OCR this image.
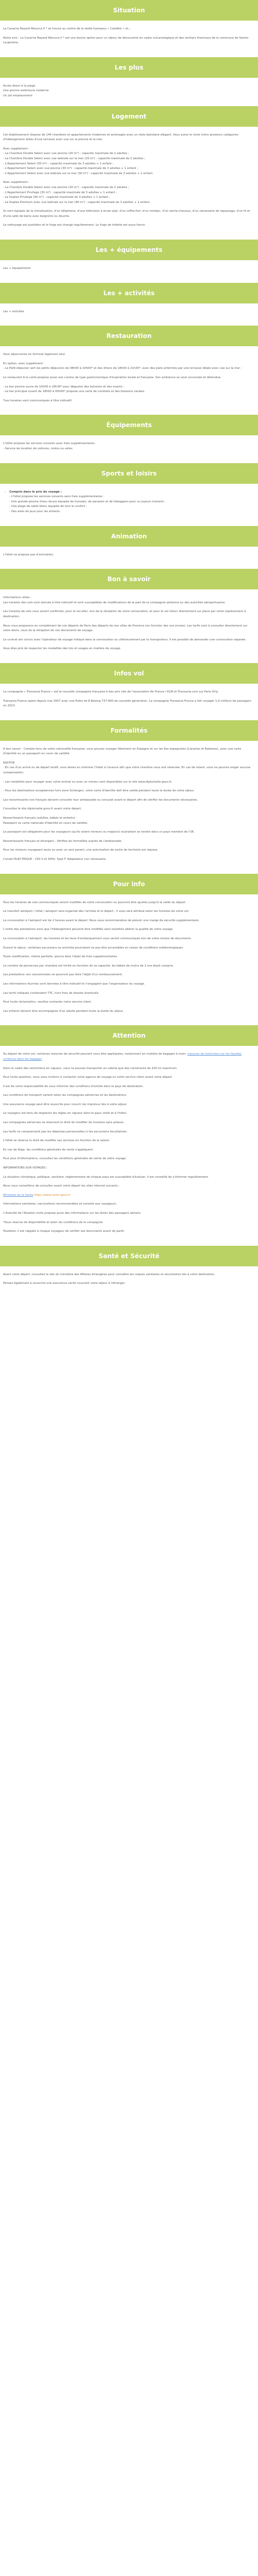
Situation

La Caverne Bayard Résurca II * se trouve au centre de la réelle hameaux « Catalbin » et...

Notre avis : La Caverne Bayard Résurca II * est une bonne option pour un séjour de découverte du cadre vulcanologique et des sentiers thermaux de la commune de Sainte-Loupmène.

Les plus

Accès direct à la plage

Une piscine extérieure moderne

Un joli emplacement

Logement

Cet établissement dispose de 144 chambres et appartements modernes et aménagés avec un style balnéaire élégant. Vous aurez le choix entre plusieurs catégories d'hébergement dotés d'une terrasse avec vue sur la piscine et la mer.

Avec supplément :

- La Chambre Double Select avec vue piscine (20 m²) : capacité maximale de 2 adultes ;

- La Chambre Double Select avec vue latérale sur la mer (20 m²) : capacité maximale de 2 adultes ;

- L'Appartement Select (30 m²) : capacité maximale de 3 adultes + 1 enfant ;

- L'Appartement Select avec vue piscine (30 m²) : capacité maximale de 3 adultes + 1 enfant ;

- L'Appartement Select avec vue latérale sur la mer (30 m²) : capacité maximale de 3 adultes + 1 enfant.

Avec supplément :

- La Chambre Double Select avec vue piscine (20 m²) : capacité maximale de 2 adultes ;

- L'Appartement Privilege (30 m²) : capacité maximale de 3 adultes + 1 enfant ;

- Le Duplex Privilege (40 m²) : capacité maximale de 3 adultes + 1 enfant ;

- Le Duplex Premium avec vue latérale sur la mer (40 m²) : capacité maximale de 3 adultes + 1 enfant.

Ils sont équipés de la climatisation, d'un téléphone, d'une télévision à écran plat, d'un coffre-fort, d'un minibar, d'un sèche-cheveux, d'un nécessaire de repassage, d'un lit et d'une salle de bains avec baignoire ou douche.

Le nettoyage est quotidien et le linge est changé régulièrement. Le linge de toilette est aussi fourni.

Les + équipements

Les + équipements

Les + activités

Les + activités

Restauration

Vous séjournerez en formule logement seul.

En option, avec supplément :

- Le Petit-déjeuner sert les petits déjeuners de 08h00 à 10h00* et des diners de 18h00 à 21h30*, avec des plats enfermés par une terrasse idéale avec vue sur la mer ;

Le restaurant A la carte propose aussi une cuisine de type gastronomique d'inspiration locale et française. Son ambiance se veut conviviale et détendue.

- Le bar piscine ouvre de 10h00 à 18h30* pour déguster des boissons et des snacks ;

- Le bar principal ouvert de 18h00 à 00h00* propose une carte de cocktails et des boissons variées.

*Les horaires sont communiqués à titre indicatif.

Équipements

L'hôtel propose les services suivants avec frais supplémentaires :

- Service de location de voitures, motos ou vélos.

Sports et loisirs
• Compris dans le prix du voyage :

- L'hôtel propose les services suivants sans frais supplémentaires :

- Une grande piscine d'eau douce équipée de transats, de parasols et de toboggans pour un joyeux moment ;

- Une plage de sable blanc équipée de tout le confort ;

- Des aires de jeux pour les enfants.

Animation

L'hôtel ne propose pas d'animation.

Bon à savoir

Informations utiles :

Les horaires des vols sont donnés à titre indicatif et sont susceptibles de modifications de la part de la compagnie aérienne ou des autorités aéroportuaires.

Les horaires de vols vous seront confirmés, pour le vol aller, lors de la réception de votre convocation, et pour le vol retour directement sur place par notre représentant à destination.

Nous vous proposons en complément de nos départs de Paris des départs de nos villes de Province (en fonction des vos envies). Les tarifs sont à consulter directement sur votre devis, ceux de la réception de vos documents de voyage.

Le contrat est conclu avec l'opérateur de voyage indiqué dans la convocation ou ultérieurement par le transporteur. Il est possible de demander une convocation séparée.

Vous êtes prié de respecter les modalités des lois et usages en matière de voyage.

Infos vol

La compagnie « Transavia France » est la nouvelle compagnie française à bas prix née de l'association Air France / KLM et Transavia.com sur Paris Orly.

Transavia France opère depuis mai 2007 avec une flotte de 8 Boeing 737-800 de nouvelle génération. La compagnie Transavia France a fait voyager 1,6 millions de passagers en 2013.

Formalités

A bon savoir - Compte tenu de votre nationalité française, vous pouvez voyager librement en Espagne et sur les îles espagnoles (Canaries et Baléares), avec une carte d'identité ou un passeport en cours de validité.

KASTOR

- En cas d'un arrivé ou de départ tardif, vous devez en informer l'hôtel à l'avance afin que votre chambre vous soit réservée. En cas de retard, vous ne pourrez exiger aucune compensation.

- Les modalités pour voyager avec votre animal ou avec un mineur sont disponibles sur le site www.diplomatie.gouv.fr.

- Pour les destinations européennes hors zone Schengen, votre carte d'identité doit être valide pendant toute la durée de votre séjour.

Les ressortissants non français doivent consulter leur ambassade ou consulat avant le départ afin de vérifier les documents nécessaires.

Consultez le site diplomatie.gouv.fr avant votre départ.

Ressortissants français (adultes, bébés et enfants) :

Passeport ou carte nationale d'identité en cours de validité.

Le passeport est obligatoire pour les voyageurs (qu'ils soient mineurs ou majeurs) souhaitant se rendre dans un pays membre de l'UE.

Ressortissants français et étrangers : Vérifiez les formalités auprès de l'ambassade.

Pour les mineurs voyageant seuls ou avec un seul parent, une autorisation de sortie de territoire est requise.

Conseil ÉLECTRIQUE : 230 V et 50Hz. Type F. Adaptateur non nécessaire.

Pour info

Tous les horaires de vols communiqués seront modifiés de votre convocation ou pourront être ajustés jusqu'à la veille du départ.

Le transfert aéroport / hôtel / aéroport sera organisé dès l'arrivée et le départ ; il vous sera attribué selon les horaires de votre vol.

La convocation à l'aéroport est de 2 heures avant le départ. Nous vous recommandons de prévoir une marge de sécurité supplémentaire.

L'ordre des prestations ainsi que l'hébergement peuvent être modifiés sans toutefois altérer la qualité de votre voyage.

La convocation à l'aéroport, les horaires et les lieux d'embarquement vous seront communiqués lors de votre remise de documents.

Durant le séjour, certaines excursions ou activités pourraient ne pas être accessibles en raison de conditions météorologiques.

Toute modification, même partielle, pourra faire l'objet de frais supplémentaires.

Le nombre de personnes par chambre est limité en fonction de sa capacité, les bébés de moins de 2 ans étant compris.

Les prestations non consommées ne pourront pas faire l'objet d'un remboursement.

Les informations fournies sont données à titre indicatif et n'engagent que l'organisateur du voyage.

Les tarifs indiqués s'entendent TTC, hors frais de dossier éventuels.

Pour toute réclamation, veuillez contacter notre service client.

Les enfants doivent être accompagnés d'un adulte pendant toute la durée du séjour.

Attention

Au départ de votre vol, certaines mesures de sécurité peuvent vous être appliquées, notamment en matière de bagages à main. mesures de restriction sur les liquides contenus dans les bagages

Dans le cadre des restrictions en vigueur, vous ne pouvez transporter en cabine que des contenants de 100 ml maximum.

Pour toute question, nous vous invitons à contacter votre agence de voyage ou notre service client avant votre départ.

Il est de votre responsabilité de vous informer des conditions d'entrée dans le pays de destination.

Les conditions de transport varient selon les compagnies aériennes et les destinations.

Une assurance voyage peut être souscrite pour couvrir les imprévus liés à votre séjour.

Le voyageur est tenu de respecter les règles en vigueur dans le pays visité et à l'hôtel.

Les compagnies aériennes se réservent le droit de modifier les horaires sans préavis.

Les tarifs ne comprennent pas les dépenses personnelles ni les excursions facultatives.

L'hôtel se réserve le droit de modifier ses services en fonction de la saison.

En cas de litige, les conditions générales de vente s'appliquent.

Pour plus d'informations, consultez les conditions générales de vente de votre voyage.

INFORMATIONS SUR VOYAGES :

La situation climatique, politique, sanitaire, réglementaire de chaque pays est susceptible d'évoluer, il est conseillé de s'informer régulièrement.

Nous vous conseillons de consulter avant votre départ les sites internet suivants :

Ministère de la Santé https://www.sante.gouv.fr

Informations sanitaires, vaccinations recommandées et conseils aux voyageurs.

L'Autorité de l'Aviation civile propose aussi des informations sur les droits des passagers aériens.

*Sous réserve de disponibilité et selon les conditions de la compagnie.

Toutefois, il est rappelé à chaque voyageur de vérifier ses documents avant de partir.

Santé et Sécurité

Avant votre départ, consultez le site du ministère des Affaires étrangères pour connaître les risques sanitaires et sécuritaires liés à votre destination.

Pensez également à souscrire une assurance santé couvrant votre séjour à l'étranger.
